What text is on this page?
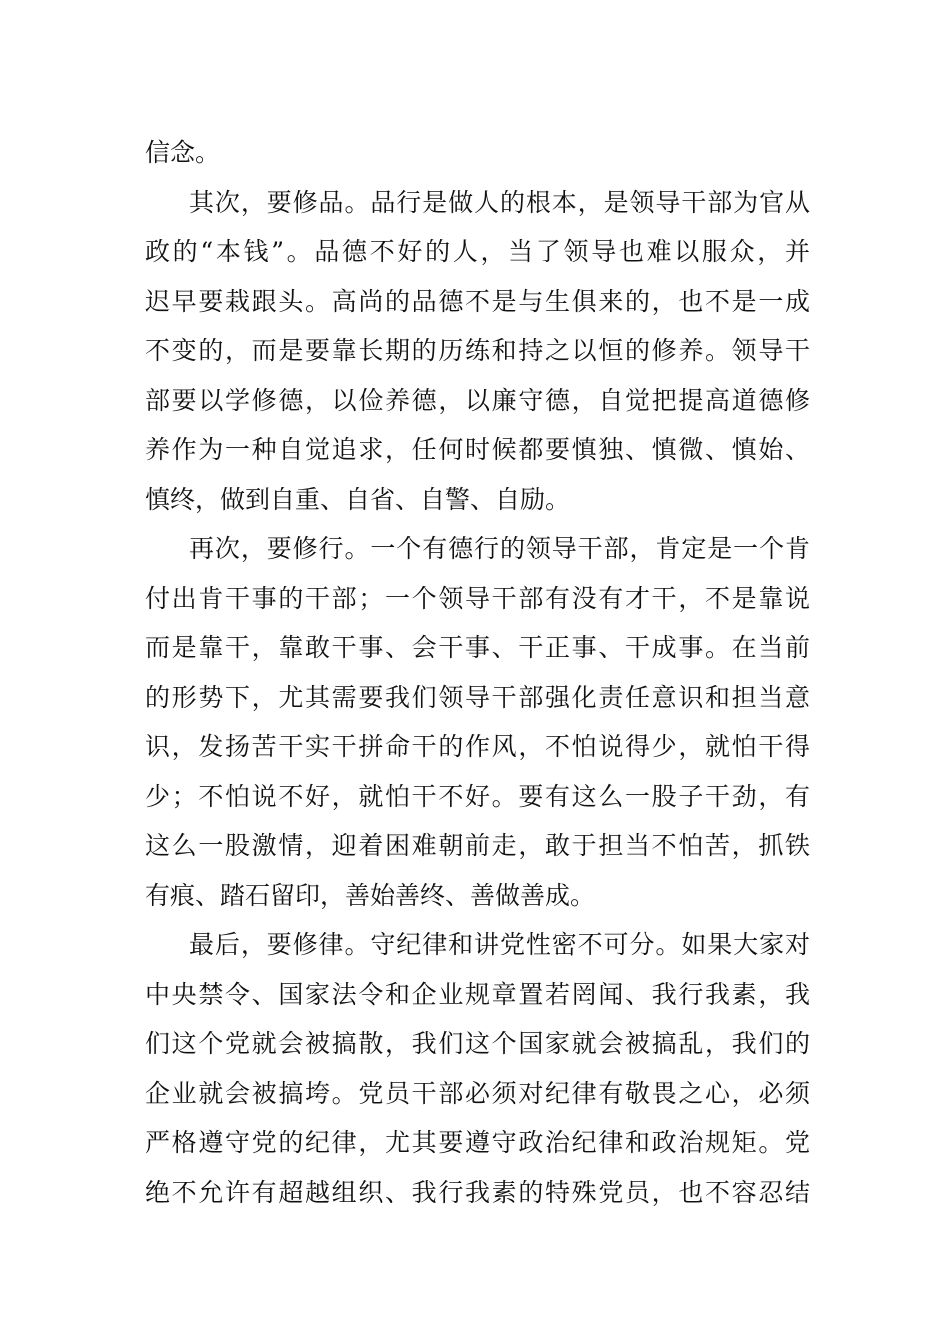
信念。
其次，要修品。品行是做人的根本，是领导干部为官从
政的“本钱”。品德不好的人，当了领导也难以服众，并
迟早要栽跟头。高尚的品德不是与生俱来的，也不是一成
不变的，而是要靠长期的历练和持之以恒的修养。领导干
部要以学修德，以俭养德，以廉守德，自觉把提高道德修
养作为一种自觉追求，任何时候都要慎独、慎微、慎始、
慎终，做到自重、自省、自警、自励。
再次，要修行。一个有德行的领导干部，肯定是一个肯
付出肯干事的干部；一个领导干部有没有才干，不是靠说
而是靠干，靠敢干事、会干事、干正事、干成事。在当前
的形势下，尤其需要我们领导干部强化责任意识和担当意
识，发扬苦干实干拼命干的作风，不怕说得少，就怕干得
少；不怕说不好，就怕干不好。要有这么一股子干劲，有
这么一股激情，迎着困难朝前走，敢于担当不怕苦，抓铁
有痕、踏石留印，善始善终、善做善成。
最后，要修律。守纪律和讲党性密不可分。如果大家对
中央禁令、国家法令和企业规章置若罔闻、我行我素，我
们这个党就会被搞散，我们这个国家就会被搞乱，我们的
企业就会被搞垮。党员干部必须对纪律有敬畏之心，必须
严格遵守党的纪律，尤其要遵守政治纪律和政治规矩。党
绝不允许有超越组织、我行我素的特殊党员，也不容忍结
